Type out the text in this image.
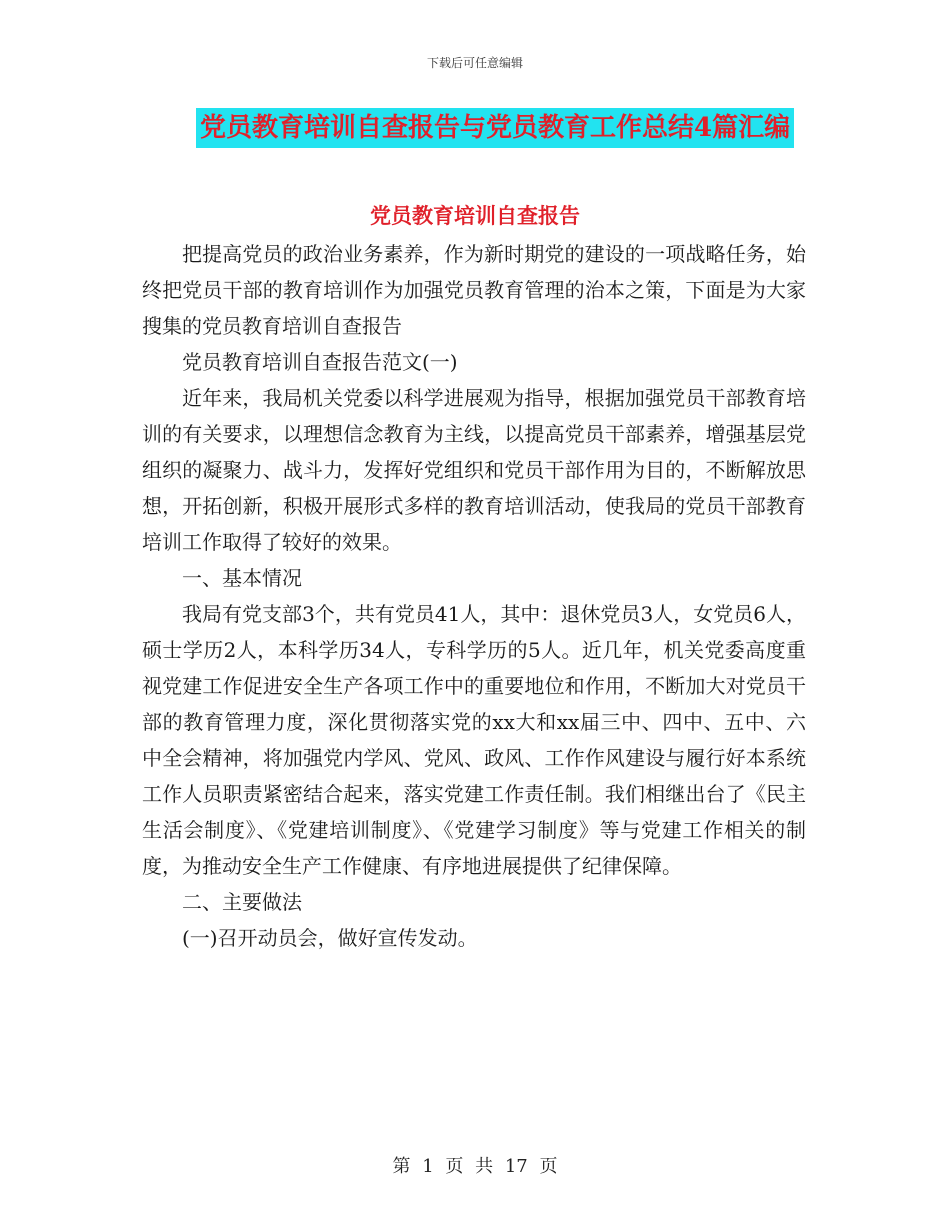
下载后可任意编辑
党员教育培训自查报告与党员教育工作总结4篇汇编
党员教育培训自查报告

把提高党员的政治业务素养，作为新时期党的建设的一项战略任务，始终把党员干部的教育培训作为加强党员教育管理的治本之策，下面是为大家搜集的党员教育培训自查报告

党员教育培训自查报告范文(一)

近年来，我局机关党委以科学进展观为指导，根据加强党员干部教育培训的有关要求，以理想信念教育为主线，以提高党员干部素养，增强基层党组织的凝聚力、战斗力，发挥好党组织和党员干部作用为目的，不断解放思想，开拓创新，积极开展形式多样的教育培训活动，使我局的党员干部教育培训工作取得了较好的效果。

一、基本情况

我局有党支部3个，共有党员41人，其中：退休党员3人，女党员6人，硕士学历2人，本科学历34人，专科学历的5人。近几年，机关党委高度重视党建工作促进安全生产各项工作中的重要地位和作用，不断加大对党员干部的教育管理力度，深化贯彻落实党的xx大和xx届三中、四中、五中、六中全会精神，将加强党内学风、党风、政风、工作作风建设与履行好本系统工作人员职责紧密结合起来，落实党建工作责任制。我们相继出台了《民主生活会制度》、《党建培训制度》、《党建学习制度》等与党建工作相关的制度，为推动安全生产工作健康、有序地进展提供了纪律保障。

二、主要做法

(一)召开动员会，做好宣传发动。

第 1 页 共 17 页
